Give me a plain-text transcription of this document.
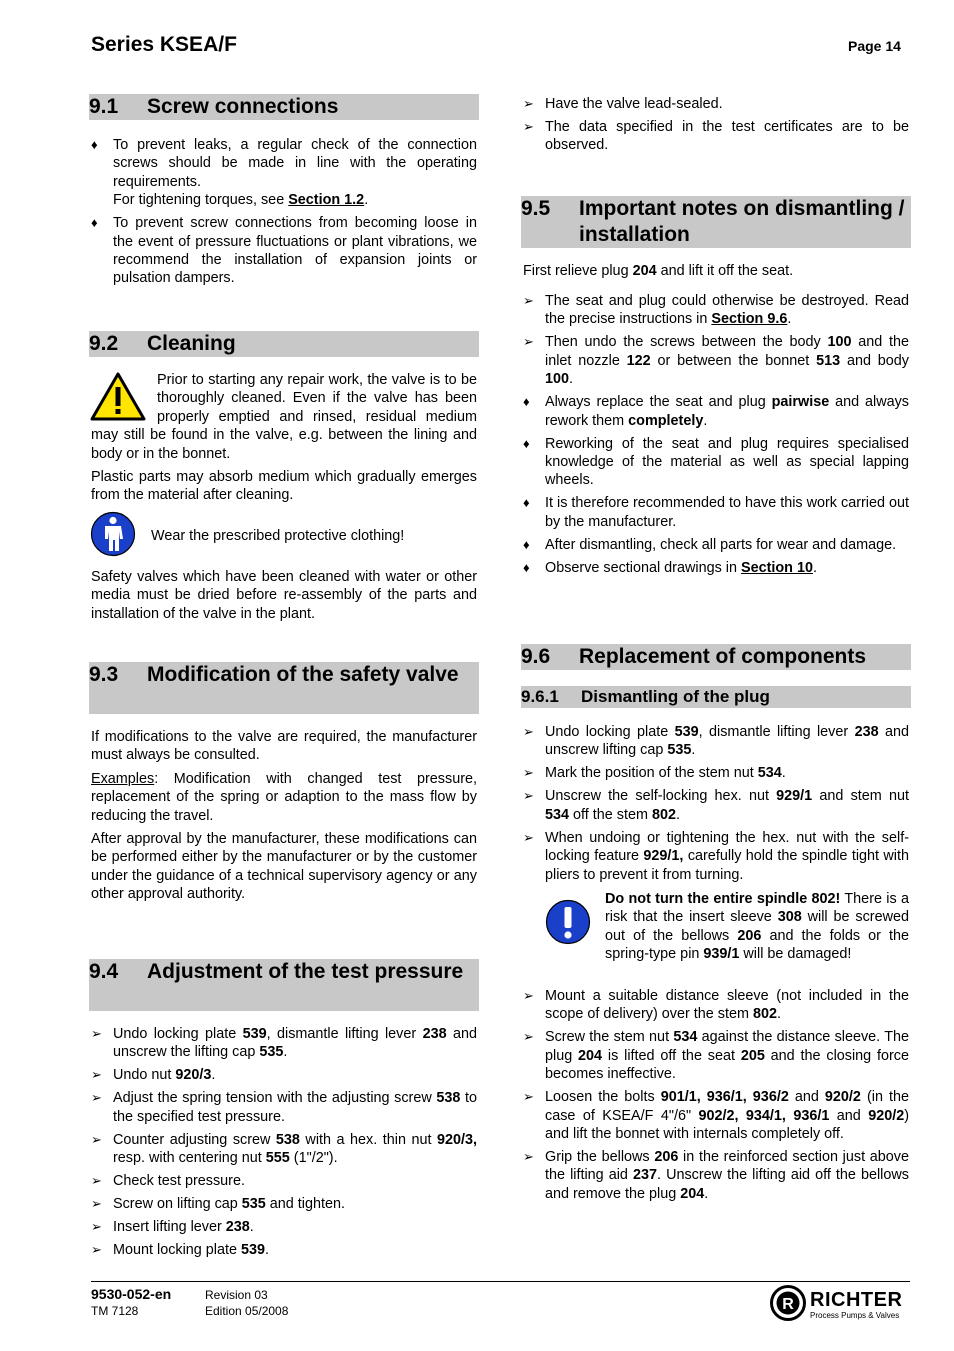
Series KSEA/F	Page 14
9.1 Screw connections
♦ To prevent leaks, a regular check of the connection screws should be made in line with the operating requirements.
For tightening torques, see Section 1.2.
♦ To prevent screw connections from becoming loose in the event of pressure fluctuations or plant vibrations, we recommend the installation of expansion joints or pulsation dampers.
9.2 Cleaning

Prior to starting any repair work, the valve is to be thoroughly cleaned. Even if the valve has been properly emptied and rinsed, residual medium may still be found in the valve, e.g. between the lining and body or in the bonnet.

Plastic parts may absorb medium which gradually emerges from the material after cleaning.

Wear the prescribed protective clothing!

Safety valves which have been cleaned with water or other media must be dried before re-assembly of the parts and installation of the valve in the plant.

9.3 Modification of the safety valve

If modifications to the valve are required, the manufacturer must always be consulted.

Examples: Modification with changed test pressure, replacement of the spring or adaption to the mass flow by reducing the travel.

After approval by the manufacturer, these modifications can be performed either by the manufacturer or by the customer under the guidance of a technical supervisory agency or any other approval authority.

9.4 Adjustment of the test pressure
➢ Undo locking plate 539, dismantle lifting lever 238 and unscrew the lifting cap 535.
➢ Undo nut 920/3.
➢ Adjust the spring tension with the adjusting screw 538 to the specified test pressure.
➢ Counter adjusting screw 538 with a hex. thin nut 920/3, resp. with centering nut 555 (1"/2").
➢ Check test pressure.
➢ Screw on lifting cap 535 and tighten.
➢ Insert lifting lever 238.
➢ Mount locking plate 539.
➢ Have the valve lead-sealed.
➢ The data specified in the test certificates are to be observed.
9.5 Important notes on dismantling / installation

First relieve plug 204 and lift it off the seat.

➢ The seat and plug could otherwise be destroyed. Read the precise instructions in Section 9.6.
➢ Then undo the screws between the body 100 and the inlet nozzle 122 or between the bonnet 513 and body 100.
♦ Always replace the seat and plug pairwise and always rework them completely.
♦ Reworking of the seat and plug requires specialised knowledge of the material as well as special lapping wheels.
♦ It is therefore recommended to have this work carried out by the manufacturer.
♦ After dismantling, check all parts for wear and damage.
♦ Observe sectional drawings in Section 10.
9.6 Replacement of components
9.6.1 Dismantling of the plug
➢ Undo locking plate 539, dismantle lifting lever 238 and unscrew lifting cap 535.
➢ Mark the position of the stem nut 534.
➢ Unscrew the self-locking hex. nut 929/1 and stem nut 534 off the stem 802.
➢ When undoing or tightening the hex. nut with the self-locking feature 929/1, carefully hold the spindle tight with pliers to prevent it from turning.

Do not turn the entire spindle 802! There is a risk that the insert sleeve 308 will be screwed out of the bellows 206 and the folds or the spring-type pin 939/1 will be damaged!

➢ Mount a suitable distance sleeve (not included in the scope of delivery) over the stem 802.
➢ Screw the stem nut 534 against the distance sleeve. The plug 204 is lifted off the seat 205 and the closing force becomes ineffective.
➢ Loosen the bolts 901/1, 936/1, 936/2 and 920/2 (in the case of KSEA/F 4"/6" 902/2, 934/1, 936/1 and 920/2) and lift the bonnet with internals completely off.
➢ Grip the bellows 206 in the reinforced section just above the lifting aid 237. Unscrew the lifting aid off the bellows and remove the plug 204.
9530-052-en
TM 7128
Revision 03
Edition 05/2008	R RICHTER
Process Pumps & Valves
